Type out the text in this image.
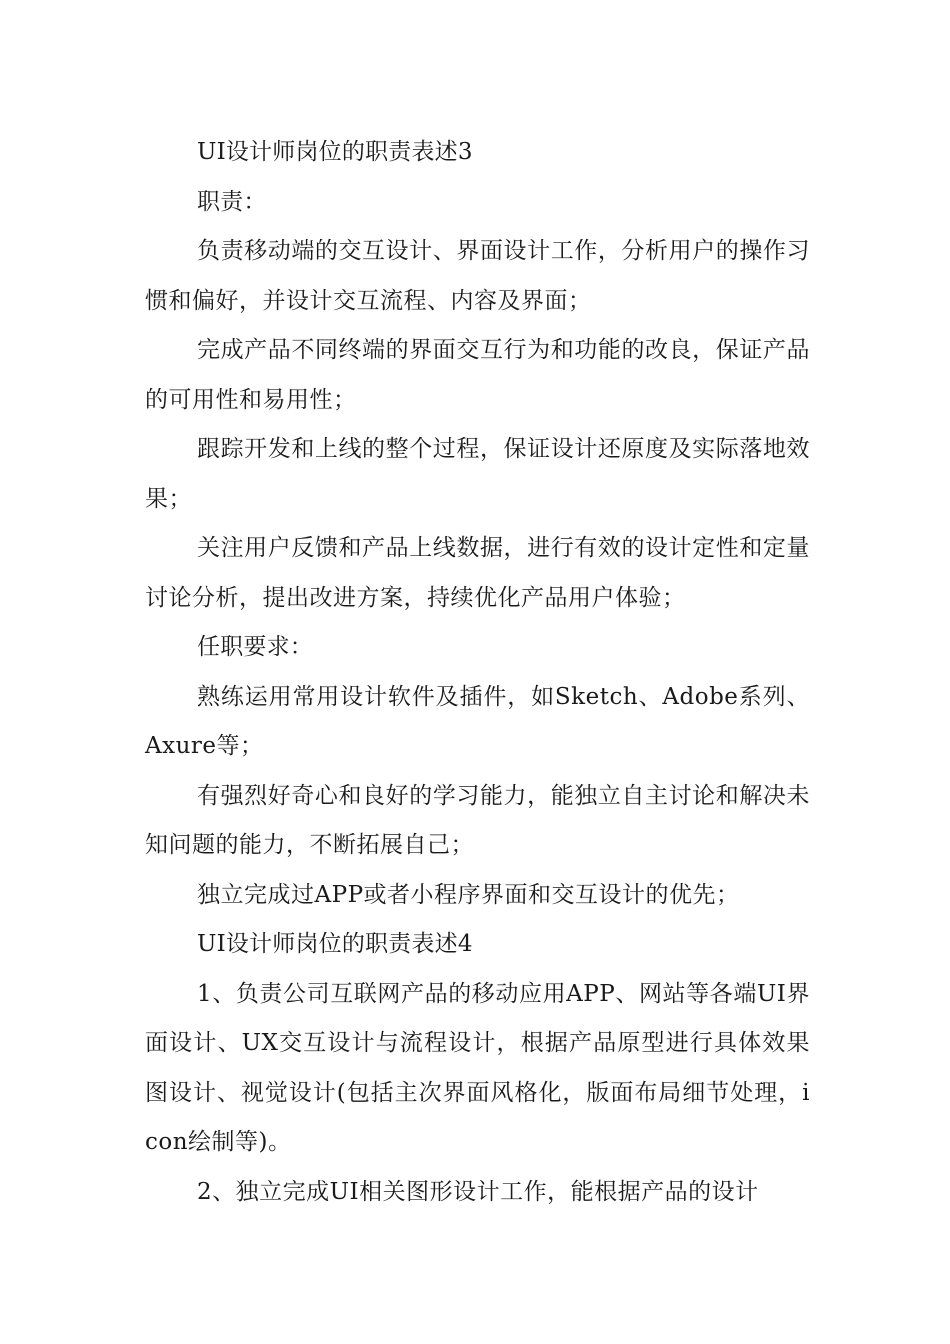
UI设计师岗位的职责表述3

职责：

负责移动端的交互设计、界面设计工作，分析用户的操作习惯和偏好，并设计交互流程、内容及界面；

完成产品不同终端的界面交互行为和功能的改良，保证产品的可用性和易用性；

跟踪开发和上线的整个过程，保证设计还原度及实际落地效果；

关注用户反馈和产品上线数据，进行有效的设计定性和定量讨论分析，提出改进方案，持续优化产品用户体验；

任职要求：

熟练运用常用设计软件及插件，如Sketch、Adobe系列、Axure等；

有强烈好奇心和良好的学习能力，能独立自主讨论和解决未知问题的能力，不断拓展自己；

独立完成过APP或者小程序界面和交互设计的优先；

UI设计师岗位的职责表述4

1、负责公司互联网产品的移动应用APP、网站等各端UI界面设计、UX交互设计与流程设计，根据产品原型进行具体效果图设计、视觉设计(包括主次界面风格化，版面布局细节处理，icon绘制等)。

2、独立完成UI相关图形设计工作，能根据产品的设计
